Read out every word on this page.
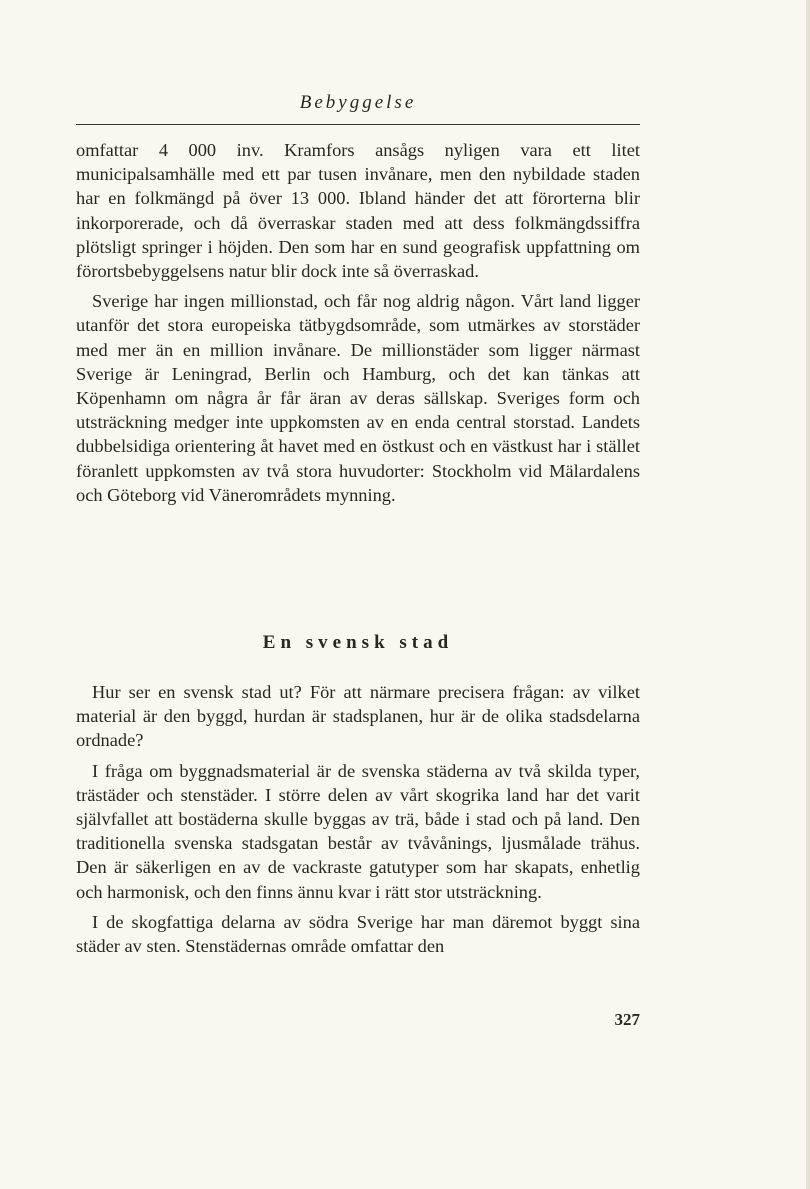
Bebyggelse

omfattar 4 000 inv. Kramfors ansågs nyligen vara ett litet municipalsamhälle med ett par tusen invånare, men den nybildade staden har en folkmängd på över 13 000. Ibland händer det att förorterna blir inkorporerade, och då överraskar staden med att dess folkmängdssiffra plötsligt springer i höjden. Den som har en sund geografisk uppfattning om förortsbebyggelsens natur blir dock inte så överraskad.

Sverige har ingen millionstad, och får nog aldrig någon. Vårt land ligger utanför det stora europeiska tätbygdsområde, som utmärkes av storstäder med mer än en million invånare. De millionstäder som ligger närmast Sverige är Leningrad, Berlin och Hamburg, och det kan tänkas att Köpenhamn om några år får äran av deras sällskap. Sveriges form och utsträckning medger inte uppkomsten av en enda central storstad. Landets dubbelsidiga orientering åt havet med en östkust och en västkust har i stället föranlett uppkomsten av två stora huvudorter: Stockholm vid Mälardalens och Göteborg vid Vänerområdets mynning.

En svensk stad

Hur ser en svensk stad ut? För att närmare precisera frågan: av vilket material är den byggd, hurdan är stadsplanen, hur är de olika stadsdelarna ordnade?

I fråga om byggnadsmaterial är de svenska städerna av två skilda typer, trästäder och stenstäder. I större delen av vårt skogrika land har det varit självfallet att bostäderna skulle byggas av trä, både i stad och på land. Den traditionella svenska stadsgatan består av tvåvånings, ljusmålade trähus. Den är säkerligen en av de vackraste gatutyper som har skapats, enhetlig och harmonisk, och den finns ännu kvar i rätt stor utsträckning.

I de skogfattiga delarna av södra Sverige har man däremot byggt sina städer av sten. Stenstädernas område omfattar den

327
